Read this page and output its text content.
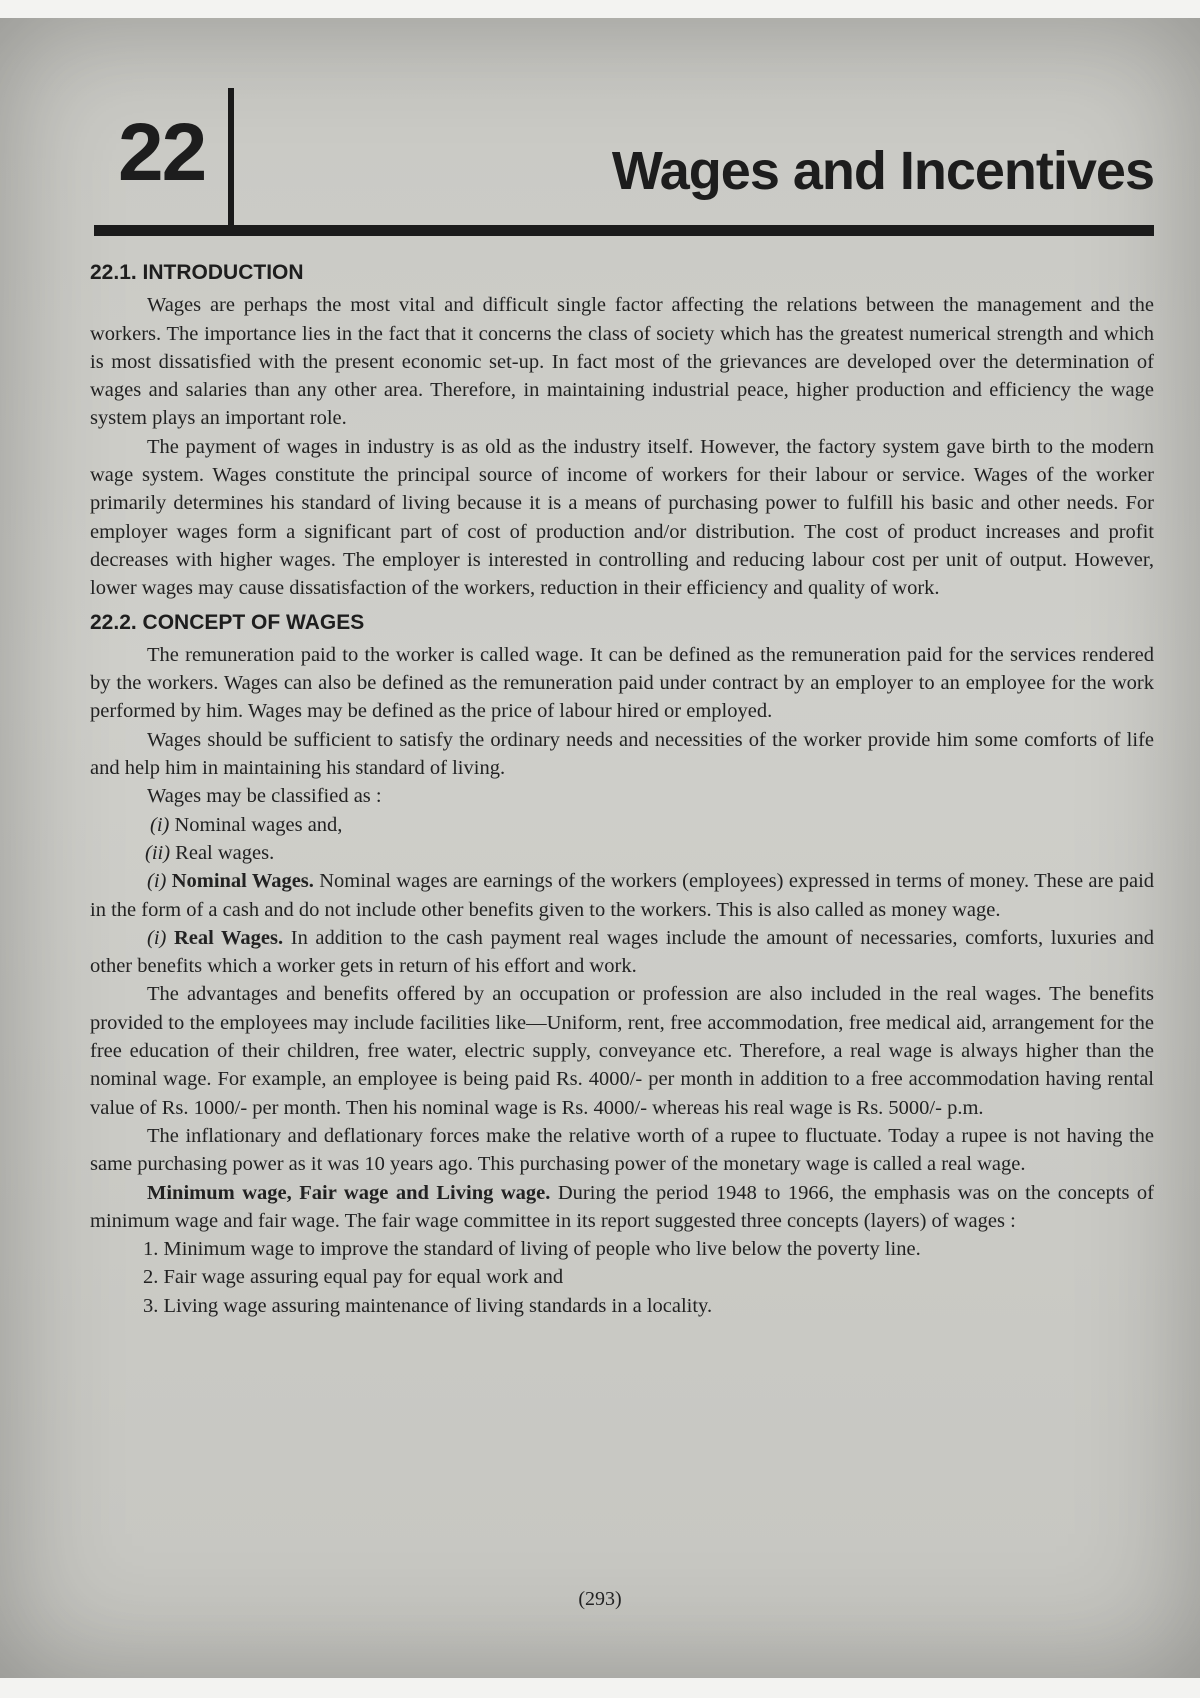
22	Wages and Incentives
22.1. INTRODUCTION

Wages are perhaps the most vital and difficult single factor affecting the relations between the management and the workers. The importance lies in the fact that it concerns the class of society which has the greatest numerical strength and which is most dissatisfied with the present economic set-up. In fact most of the grievances are developed over the determination of wages and salaries than any other area. Therefore, in maintaining industrial peace, higher production and efficiency the wage system plays an important role.

The payment of wages in industry is as old as the industry itself. However, the factory system gave birth to the modern wage system. Wages constitute the principal source of income of workers for their labour or service. Wages of the worker primarily determines his standard of living because it is a means of purchasing power to fulfill his basic and other needs. For employer wages form a significant part of cost of production and/or distribution. The cost of product increases and profit decreases with higher wages. The employer is interested in controlling and reducing labour cost per unit of output. However, lower wages may cause dissatisfaction of the workers, reduction in their efficiency and quality of work.

22.2. CONCEPT OF WAGES

The remuneration paid to the worker is called wage. It can be defined as the remuneration paid for the services rendered by the workers. Wages can also be defined as the remuneration paid under contract by an employer to an employee for the work performed by him. Wages may be defined as the price of labour hired or employed.

Wages should be sufficient to satisfy the ordinary needs and necessities of the worker provide him some comforts of life and help him in maintaining his standard of living.

Wages may be classified as :

(i) Nominal wages and,

(ii) Real wages.

(i) Nominal Wages. Nominal wages are earnings of the workers (employees) expressed in terms of money. These are paid in the form of a cash and do not include other benefits given to the workers. This is also called as money wage.

(i) Real Wages. In addition to the cash payment real wages include the amount of necessaries, comforts, luxuries and other benefits which a worker gets in return of his effort and work.

The advantages and benefits offered by an occupation or profession are also included in the real wages. The benefits provided to the employees may include facilities like—Uniform, rent, free accommodation, free medical aid, arrangement for the free education of their children, free water, electric supply, conveyance etc. Therefore, a real wage is always higher than the nominal wage. For example, an employee is being paid Rs. 4000/- per month in addition to a free accommodation having rental value of Rs. 1000/- per month. Then his nominal wage is Rs. 4000/- whereas his real wage is Rs. 5000/- p.m.

The inflationary and deflationary forces make the relative worth of a rupee to fluctuate. Today a rupee is not having the same purchasing power as it was 10 years ago. This purchasing power of the monetary wage is called a real wage.

Minimum wage, Fair wage and Living wage. During the period 1948 to 1966, the emphasis was on the concepts of minimum wage and fair wage. The fair wage committee in its report suggested three concepts (layers) of wages :

1. Minimum wage to improve the standard of living of people who live below the poverty line.

2. Fair wage assuring equal pay for equal work and

3. Living wage assuring maintenance of living standards in a locality.

(293)
